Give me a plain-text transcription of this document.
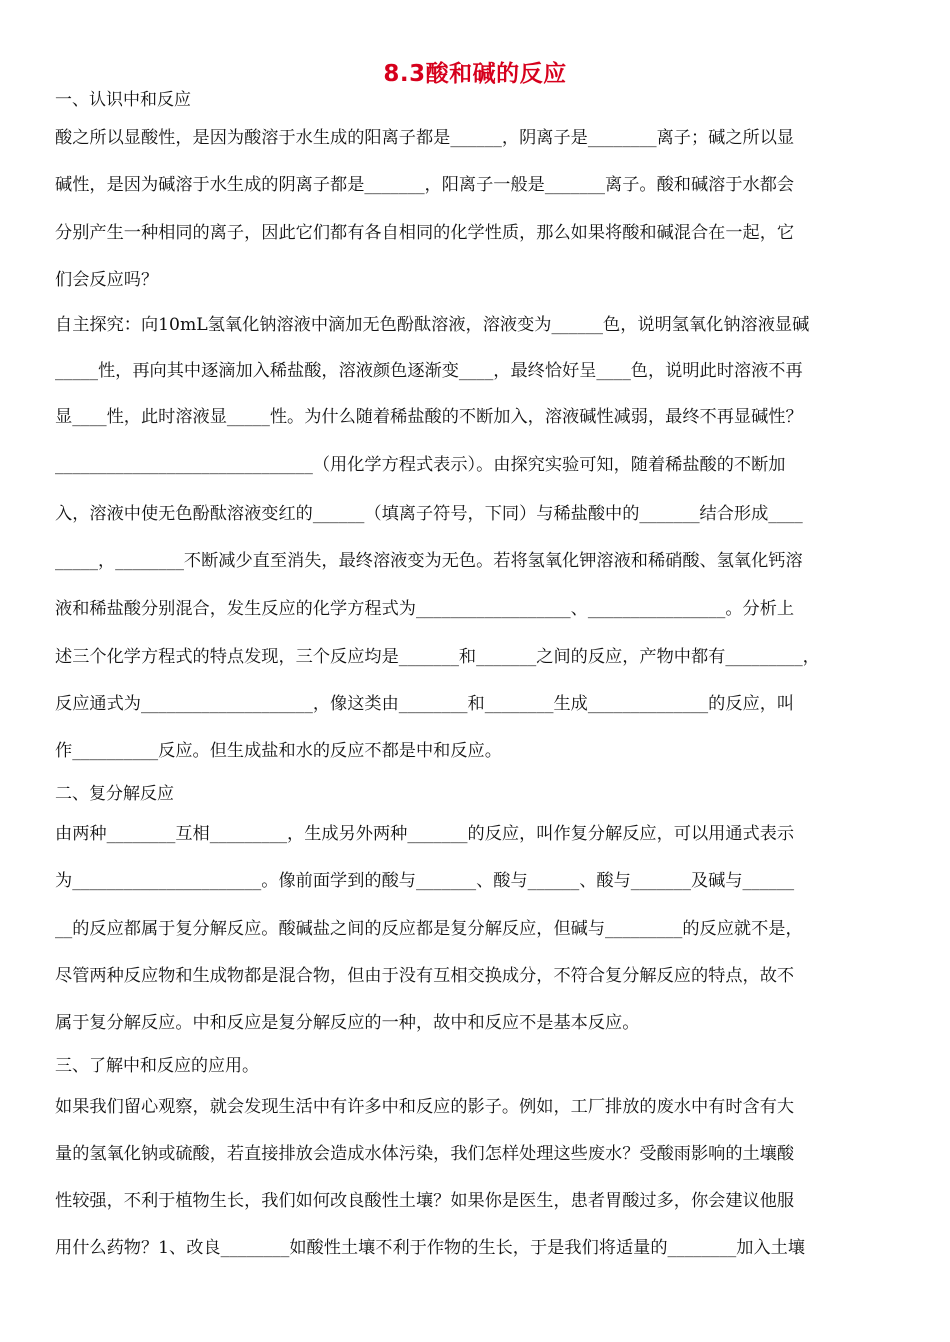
8.3酸和碱的反应
一、认识中和反应
酸之所以显酸性，是因为酸溶于水生成的阳离子都是______，阴离子是________离子；碱之所以显
碱性，是因为碱溶于水生成的阴离子都是_______，阳离子一般是_______离子。酸和碱溶于水都会
分别产生一种相同的离子，因此它们都有各自相同的化学性质，那么如果将酸和碱混合在一起，它
们会反应吗？
自主探究：向10mL氢氧化钠溶液中滴加无色酚酞溶液，溶液变为______色，说明氢氧化钠溶液显碱
_____性，再向其中逐滴加入稀盐酸，溶液颜色逐渐变____，最终恰好呈____色，说明此时溶液不再
显____性，此时溶液显_____性。为什么随着稀盐酸的不断加入，溶液碱性减弱，最终不再显碱性？
______________________________（用化学方程式表示）。由探究实验可知，随着稀盐酸的不断加
入，溶液中使无色酚酞溶液变红的______（填离子符号，下同）与稀盐酸中的_______结合形成____
_____，________不断减少直至消失，最终溶液变为无色。若将氢氧化钾溶液和稀硝酸、氢氧化钙溶
液和稀盐酸分别混合，发生反应的化学方程式为__________________、________________。分析上
述三个化学方程式的特点发现，三个反应均是_______和_______之间的反应，产物中都有_________，
反应通式为____________________，像这类由________和________生成______________的反应，叫
作__________反应。但生成盐和水的反应不都是中和反应。
二、复分解反应
由两种________互相_________，生成另外两种_______的反应，叫作复分解反应，可以用通式表示
为______________________。像前面学到的酸与_______、酸与______、酸与_______及碱与______
__的反应都属于复分解反应。酸碱盐之间的反应都是复分解反应，但碱与_________的反应就不是，
尽管两种反应物和生成物都是混合物，但由于没有互相交换成分，不符合复分解反应的特点，故不
属于复分解反应。中和反应是复分解反应的一种，故中和反应不是基本反应。
三、了解中和反应的应用。
如果我们留心观察，就会发现生活中有许多中和反应的影子。例如，工厂排放的废水中有时含有大
量的氢氧化钠或硫酸，若直接排放会造成水体污染，我们怎样处理这些废水？受酸雨影响的土壤酸
性较强，不利于植物生长，我们如何改良酸性土壤？如果你是医生，患者胃酸过多，你会建议他服
用什么药物？1、改良________如酸性土壤不利于作物的生长，于是我们将适量的________加入土壤
